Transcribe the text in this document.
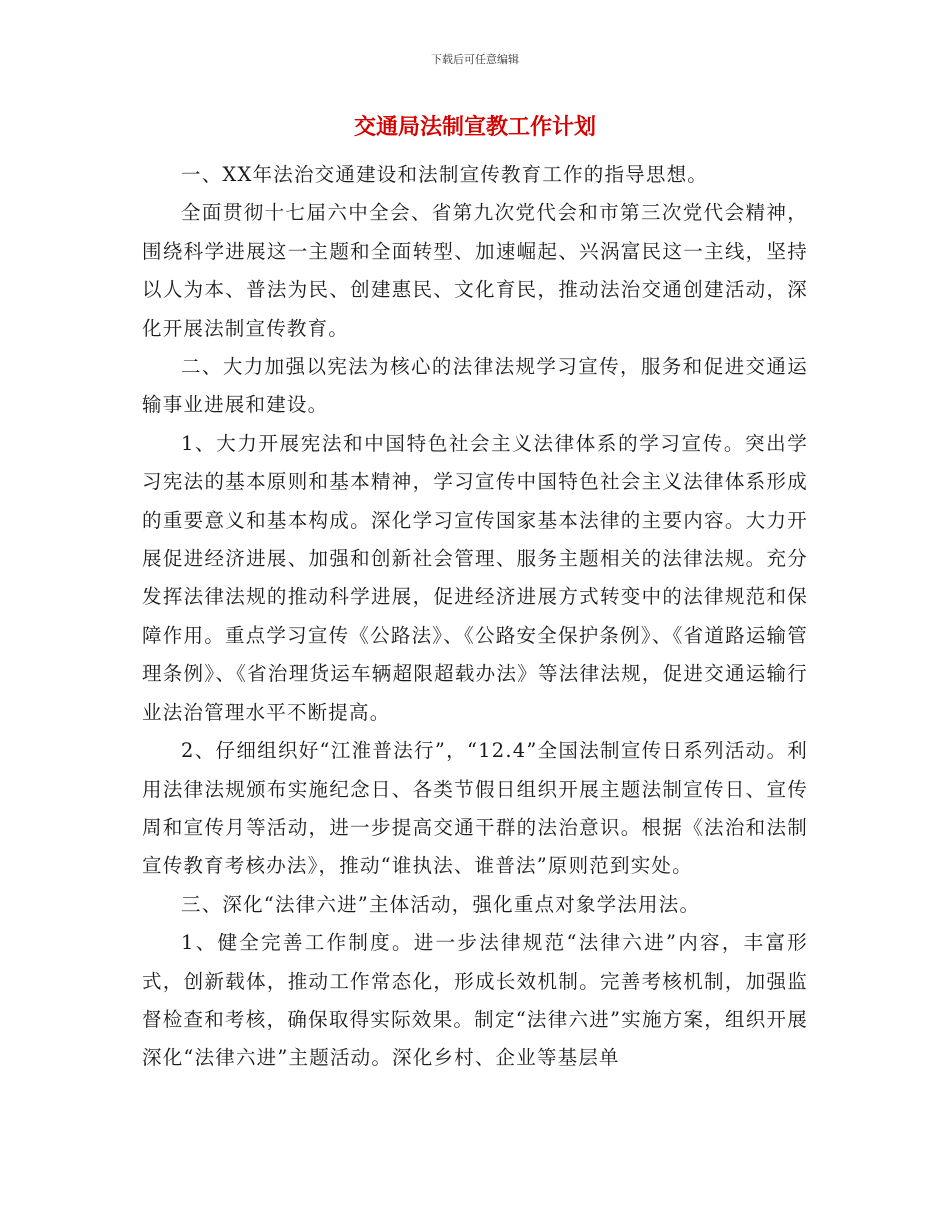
下载后可任意编辑
交通局法制宣教工作计划

一、XX年法治交通建设和法制宣传教育工作的指导思想。

全面贯彻十七届六中全会、省第九次党代会和市第三次党代会精神，围绕科学进展这一主题和全面转型、加速崛起、兴涡富民这一主线，坚持以人为本、普法为民、创建惠民、文化育民，推动法治交通创建活动，深化开展法制宣传教育。

二、大力加强以宪法为核心的法律法规学习宣传，服务和促进交通运输事业进展和建设。

1、大力开展宪法和中国特色社会主义法律体系的学习宣传。突出学习宪法的基本原则和基本精神，学习宣传中国特色社会主义法律体系形成的重要意义和基本构成。深化学习宣传国家基本法律的主要内容。大力开展促进经济进展、加强和创新社会管理、服务主题相关的法律法规。充分发挥法律法规的推动科学进展，促进经济进展方式转变中的法律规范和保障作用。重点学习宣传《公路法》、《公路安全保护条例》、《省道路运输管理条例》、《省治理货运车辆超限超载办法》等法律法规，促进交通运输行业法治管理水平不断提高。

2、仔细组织好“江淮普法行”，“12.4”全国法制宣传日系列活动。利用法律法规颁布实施纪念日、各类节假日组织开展主题法制宣传日、宣传周和宣传月等活动，进一步提高交通干群的法治意识。根据《法治和法制宣传教育考核办法》，推动“谁执法、谁普法”原则范到实处。

三、深化“法律六进”主体活动，强化重点对象学法用法。

1、健全完善工作制度。进一步法律规范“法律六进”内容，丰富形式，创新载体，推动工作常态化，形成长效机制。完善考核机制，加强监督检查和考核，确保取得实际效果。制定“法律六进”实施方案，组织开展深化“法律六进”主题活动。深化乡村、企业等基层单
